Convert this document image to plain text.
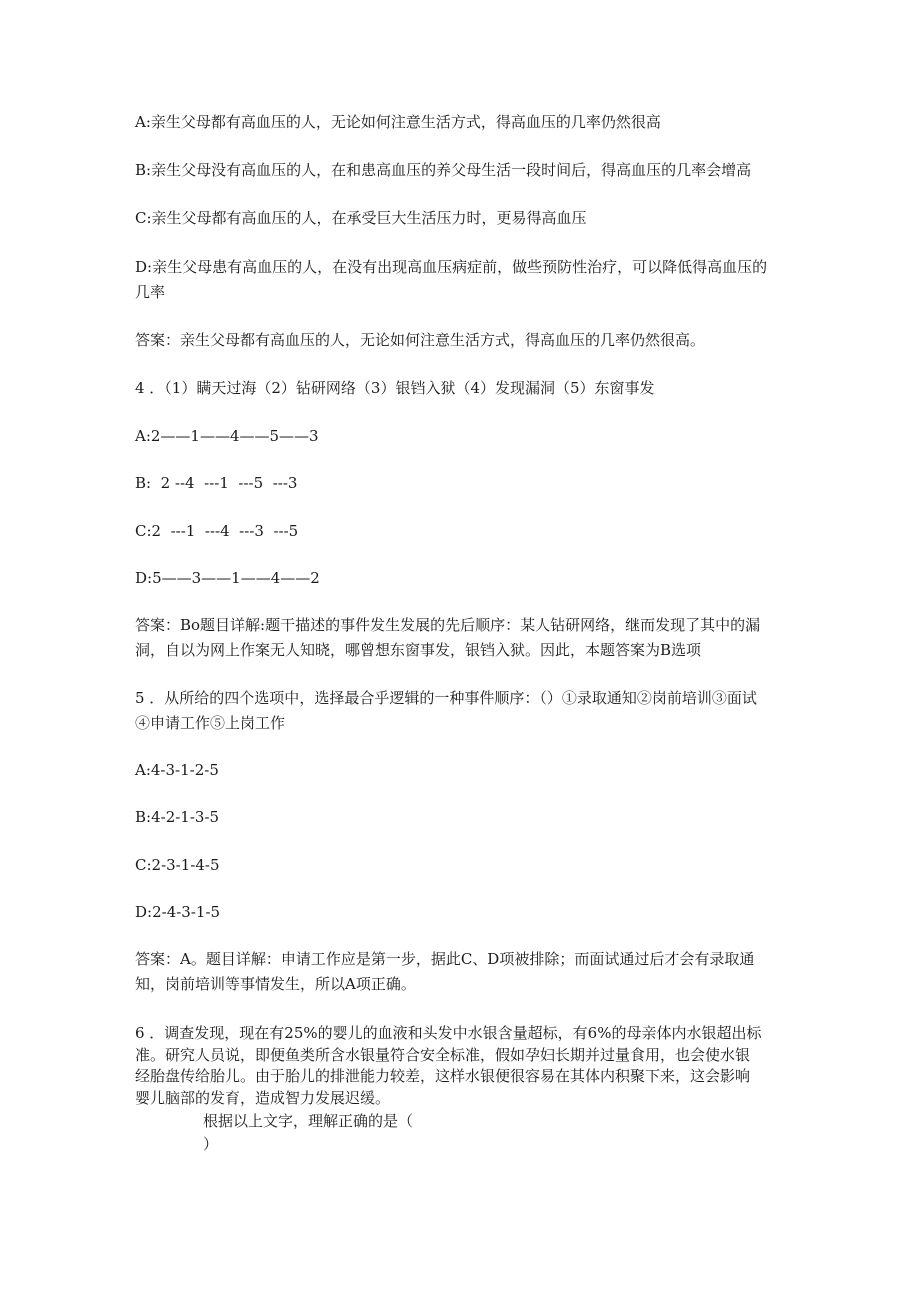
A:亲生父母都有高血压的人，无论如何注意生活方式，得高血压的几率仍然很高
B:亲生父母没有高血压的人，在和患高血压的养父母生活一段时间后，得高血压的几率会增高
C:亲生父母都有高血压的人，在承受巨大生活压力时，更易得高血压
D:亲生父母患有高血压的人，在没有出现高血压病症前，做些预防性治疗，可以降低得高血压的
几率
答案：亲生父母都有高血压的人，无论如何注意生活方式，得高血压的几率仍然很高。
4 ．（1）瞒天过海（2）钻研网络（3）银铛入狱（4）发现漏洞（5）东窗事发
A:2——1——4——5——3
B:  2 --4  ---1  ---5  ---3
C:2  ---1  ---4  ---3  ---5
D:5——3——1——4——2
答案：Bo题目详解:题干描述的事件发生发展的先后顺序：某人钻研网络，继而发现了其中的漏
洞，自以为网上作案无人知晓，哪曾想东窗事发，银铛入狱。因此，本题答案为B选项
5 ．从所给的四个选项中，选择最合乎逻辑的一种事件顺序：（）①录取通知②岗前培训③面试
④申请工作⑤上岗工作
A:4-3-1-2-5
B:4-2-1-3-5
C:2-3-1-4-5
D:2-4-3-1-5
答案：A。题目详解：申请工作应是第一步，据此C、D项被排除；而面试通过后才会有录取通
知，岗前培训等事情发生，所以A项正确。
6 ．调查发现，现在有25%的婴儿的血液和头发中水银含量超标，有6%的母亲体内水银超出标
准。研究人员说，即便鱼类所含水银量符合安全标准，假如孕妇长期并过量食用，也会使水银
经胎盘传给胎儿。由于胎儿的排泄能力较差，这样水银便很容易在其体内积聚下来，这会影响
婴儿脑部的发育，造成智力发展迟缓。
根据以上文字，理解正确的是（
）
